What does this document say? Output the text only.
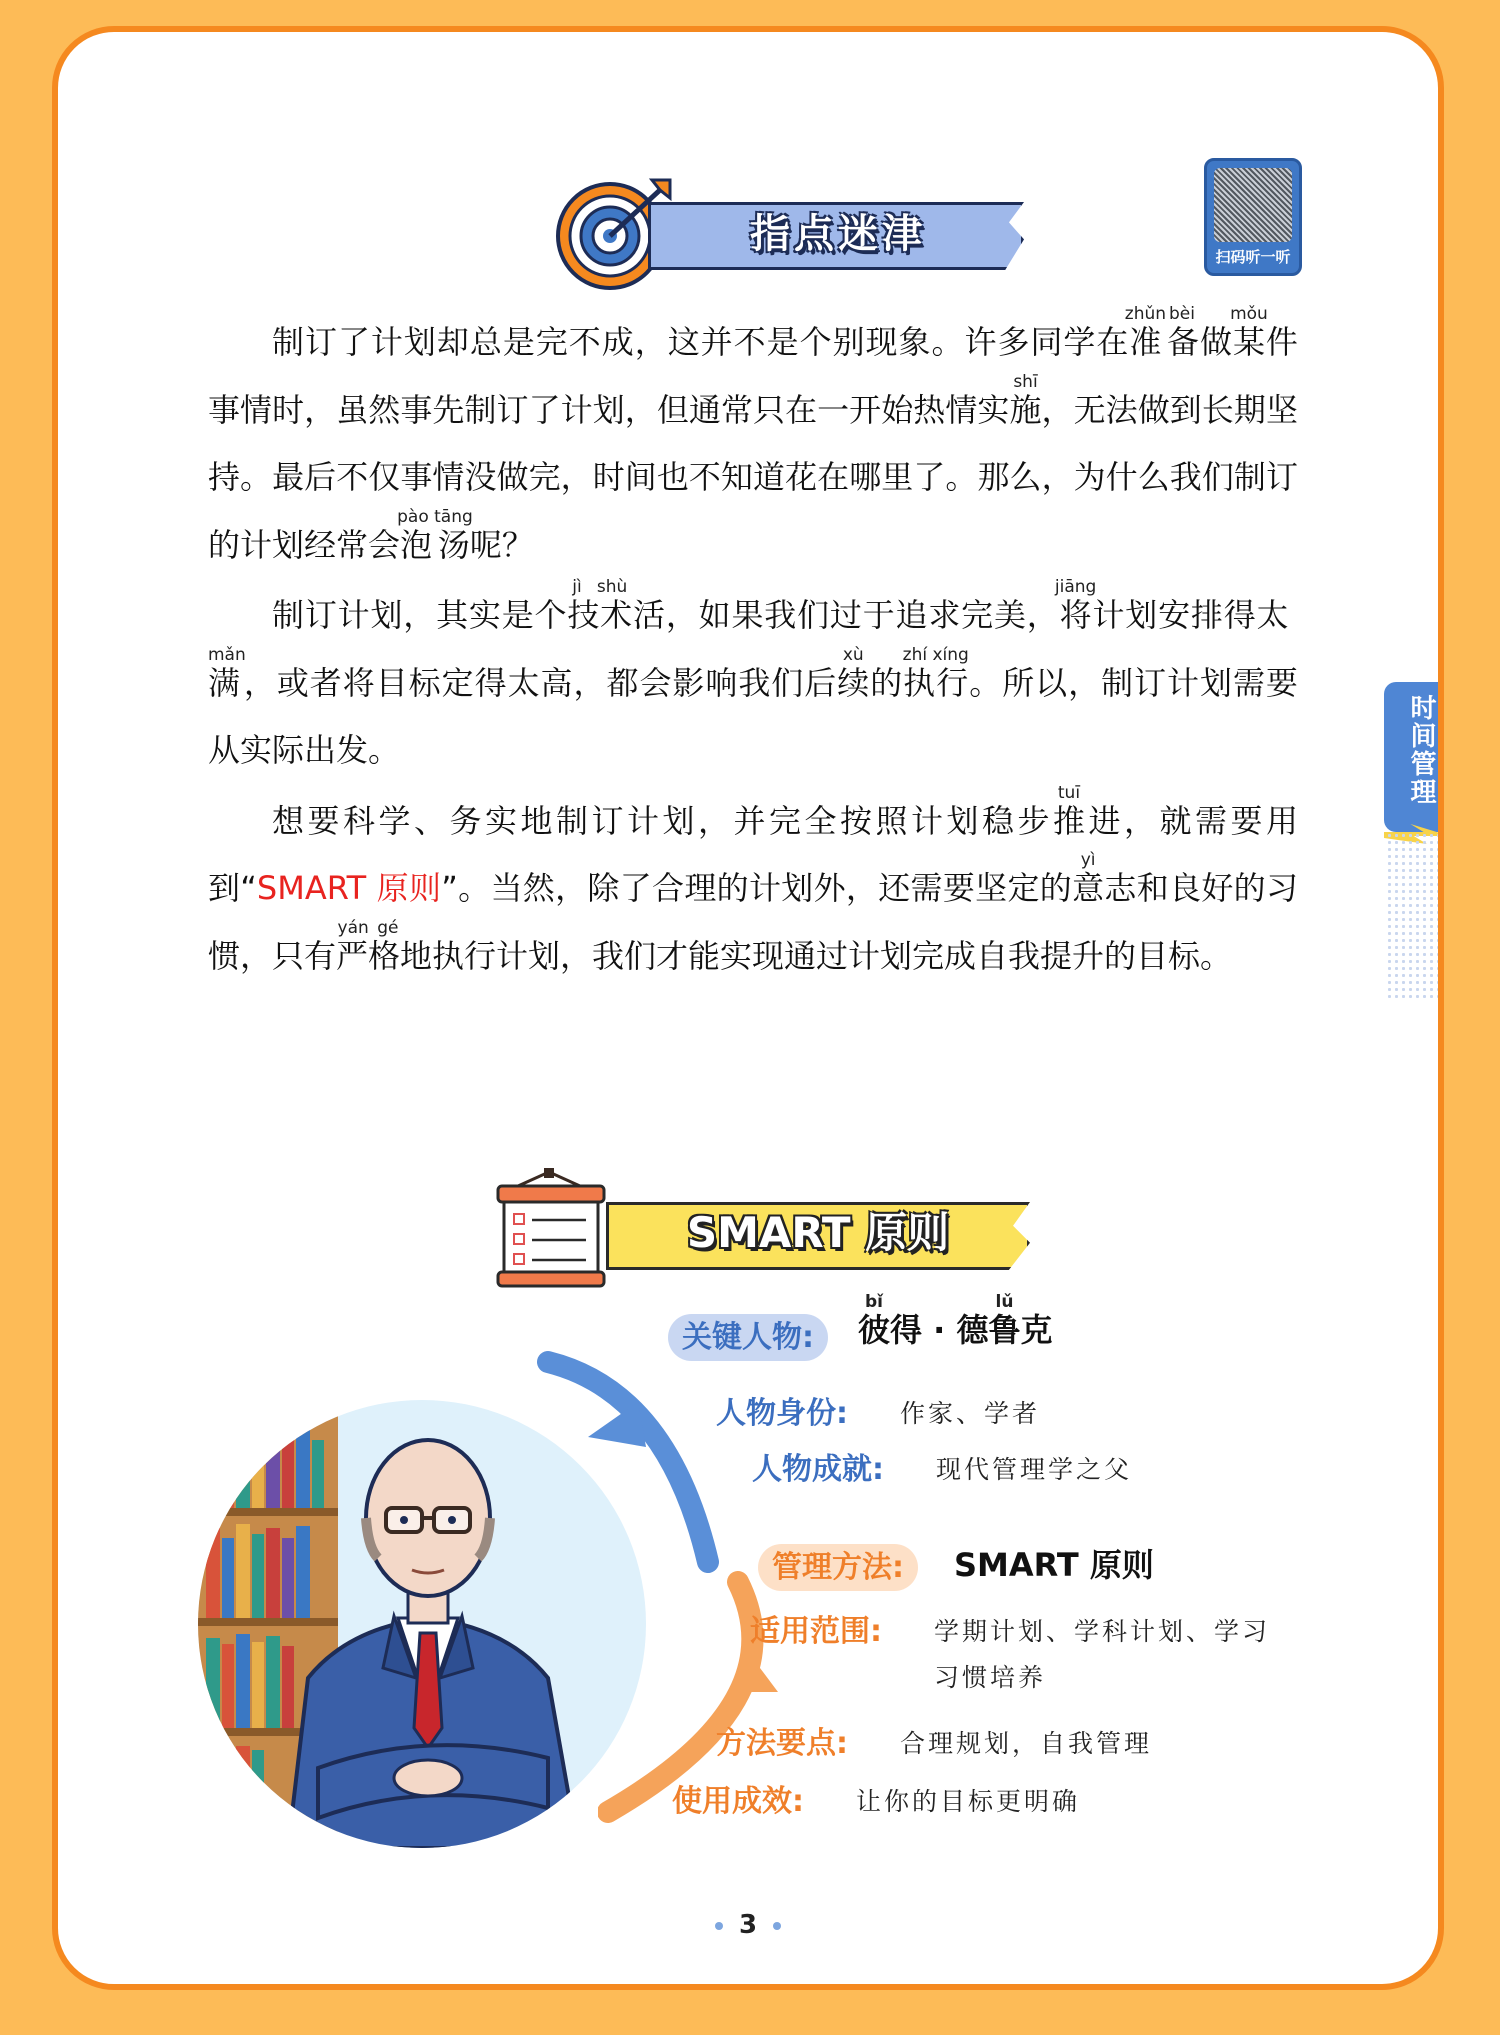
指点迷津	扫码听一听

制订了计划却总是完不成，这并不是个别现象。许多同学在准zhǔn备bèi做某mǒu件事情时，虽然事先制订了计划，但通常只在一开始热情实施shī，无法做到长期坚持。最后不仅事情没做完，时间也不知道花在哪里了。那么，为什么我们制订的计划经常会泡汤pào tāng呢？

制订计划，其实是个技术jì shù活，如果我们过于追求完美，将jiāng计划安排得太满mǎn，或者将目标定得太高，都会影响我们后续xù的执行zhí xíng。所以，制订计划需要从实际出发。

想要科学、务实地制订计划，并完全按照计划稳步推tuī进，就需要用到“SMART 原则”。当然，除了合理的计划外，还需要坚定的意yì志和良好的习惯，只有严格yán gé地执行计划，我们才能实现通过计划完成自我提升的目标。

时间管理
SMART 原则
关键人物:	彼bǐ得 · 德鲁lǔ克
人物身份: 作家、学者
人物成就: 现代管理学之父
管理方法:	SMART 原则
适用范围: 学期计划、学科计划、学习
习惯培养
方法要点: 合理规划，自我管理
使用成效: 让你的目标更明确
3
